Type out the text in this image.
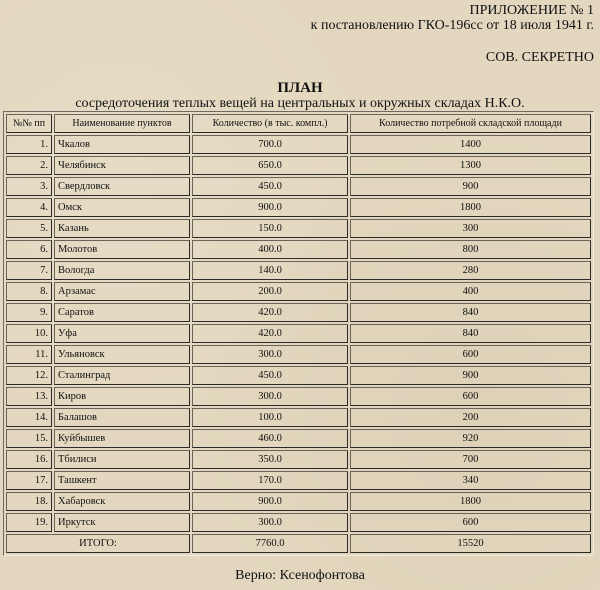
ПРИЛОЖЕНИЕ № 1
к постановлению ГКО-196сс от 18 июля 1941 г.
СОВ. СЕКРЕТНО
ПЛАН
сосредоточения теплых вещей на центральных и окружных складах Н.К.О.
№№ пп	Наименование пунктов	Количество (в тыс. компл.)	Количество потребной складской площади
1.	Чкалов	700.0	1400
2.	Челябинск	650.0	1300
3.	Свердловск	450.0	900
4.	Омск	900.0	1800
5.	Казань	150.0	300
6.	Молотов	400.0	800
7.	Вологда	140.0	280
8.	Арзамас	200.0	400
9.	Саратов	420.0	840
10.	Уфа	420.0	840
11.	Ульяновск	300.0	600
12.	Сталинград	450.0	900
13.	Киров	300.0	600
14.	Балашов	100.0	200
15.	Куйбышев	460.0	920
16.	Тбилиси	350.0	700
17.	Ташкент	170.0	340
18.	Хабаровск	900.0	1800
19.	Иркутск	300.0	600
ИТОГО:		7760.0	15520
Верно: Ксенофонтова
